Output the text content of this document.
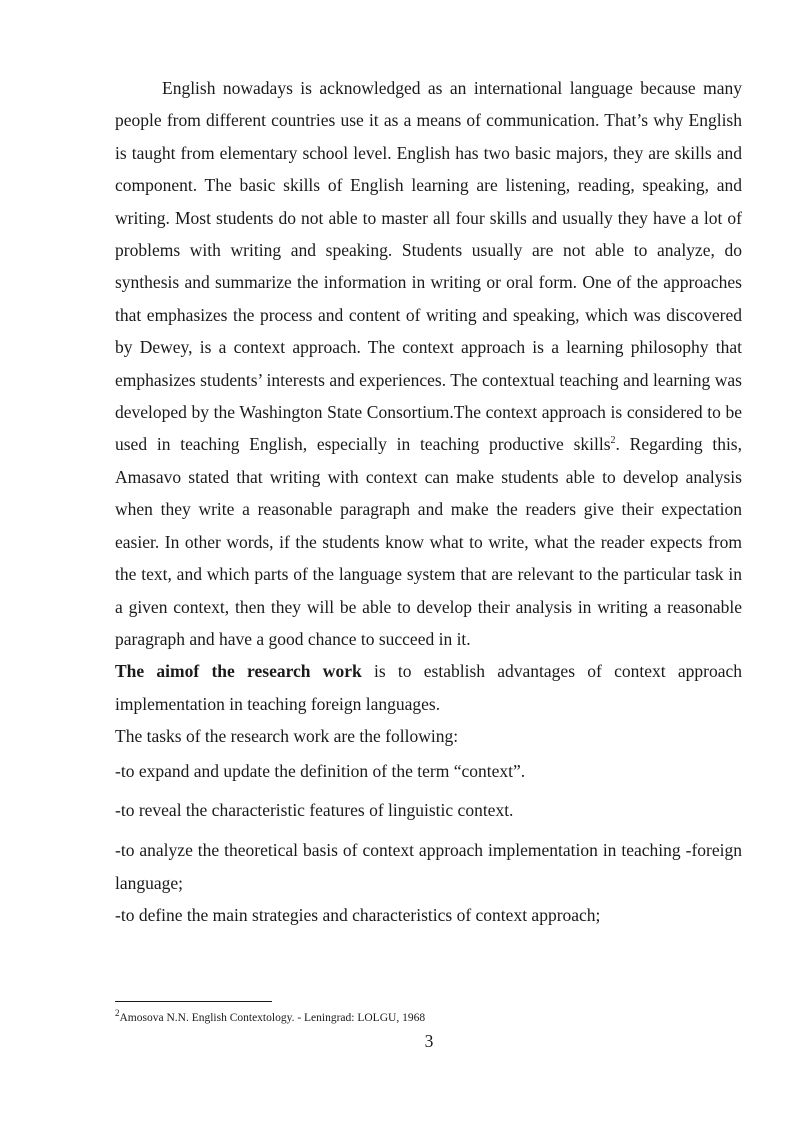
English nowadays is acknowledged as an international language because many people from different countries use it as a means of communication. That’s why English is taught from elementary school level. English has two basic majors, they are skills and component. The basic skills of English learning are listening, reading, speaking, and writing. Most students do not able to master all four skills and usually they have a lot of problems with writing and speaking. Students usually are not able to analyze, do synthesis and summarize the information in writing or oral form. One of the approaches that emphasizes the process and content of writing and speaking, which was discovered by Dewey, is a context approach. The context approach is a learning philosophy that emphasizes students’ interests and experiences. The contextual teaching and learning was developed by the Washington State Consortium.The context approach is considered to be used in teaching English, especially in teaching productive skills$^2$. Regarding this, Amasavo stated that writing with context can make students able to develop analysis when they write a reasonable paragraph and make the readers give their expectation easier. In other words, if the students know what to write, what the reader expects from the text, and which parts of the language system that are relevant to the particular task in a given context, then they will be able to develop their analysis in writing a reasonable paragraph and have a good chance to succeed in it.

The aimof the research work is to establish advantages of context approach implementation in teaching foreign languages.

The tasks of the research work are the following:

-to expand and update the definition of the term “context”.

-to reveal the characteristic features of linguistic context.

-to analyze the theoretical basis of context approach implementation in teaching -foreign language;

-to define the main strategies and characteristics of context approach;

$^2$Amosova N.N. English Contextology. - Leningrad: LOLGU, 1968
3
